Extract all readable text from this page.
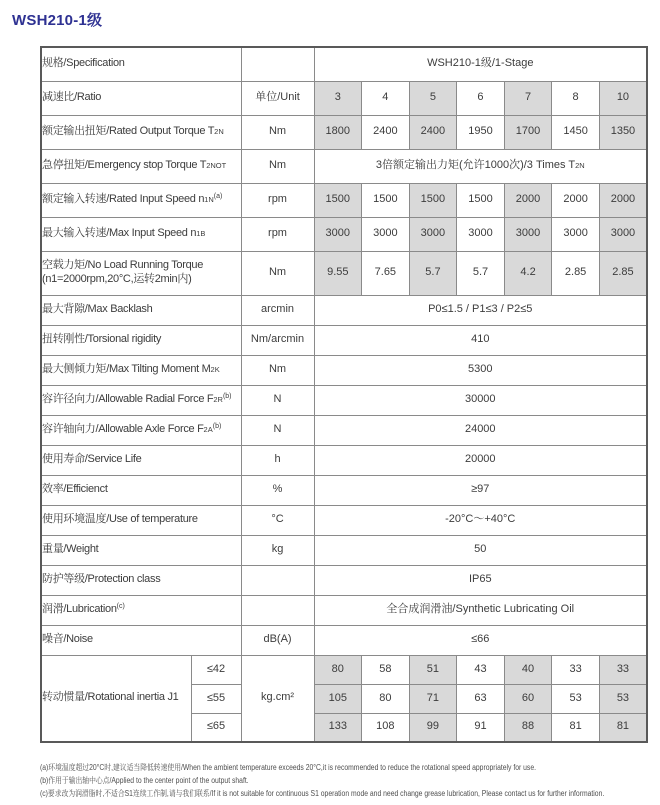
WSH210-1级
规格/Specification			WSH210-1级/1-Stage						
减速比/Ratio		单位/Unit	3	4	5	6	7	8	10
额定输出扭矩/Rated Output Torque T2N		Nm	1800	2400	2400	1950	1700	1450	1350
急停扭矩/Emergency stop Torque T2NOT		Nm	3倍额定输出力矩(允许1000次)/3 Times T2N						
额定输入转速/Rated Input Speed $n1N^{(a)}$		rpm	1500	1500	1500	1500	2000	2000	2000
最大输入转速/Max Input Speed n1B		rpm	3000	3000	3000	3000	3000	3000	3000
空载力矩/No Load Running Torque
(n1=2000rpm,20°C,运转2min内)		Nm	9.55	7.65	5.7	5.7	4.2	2.85	2.85
最大背隙/Max Backlash		arcmin	P0≤1.5 / P1≤3 / P2≤5						
扭转刚性/Torsional rigidity		Nm/arcmin	410						
最大侧倾力矩/Max Tilting Moment M2K		Nm	5300						
容许径向力/Allowable Radial Force $F2R^{(b)}$		N	30000						
容许轴向力/Allowable Axle Force $F2A^{(b)}$		N	24000						
使用寿命/Service Life		h	20000						
效率/Efficienct		%	≥97						
使用环境温度/Use of temperature		°C	-20°C～+40°C						
重量/Weight		kg	50						
防护等级/Protection class			IP65						
润滑/Lubrication$^{(c)}$			全合成润滑油/Synthetic Lubricating Oil						
噪音/Noise		dB(A)	≤66						
转动惯量/Rotational inertia J1	≤42	kg.cm²	80	58	51	43	40	33	33
	≤55		105	80	71	63	60	53	53
	≤65		133	108	99	91	88	81	81
(a)环境温度超过20°C时,建议适当降低转速使用/When the ambient temperature exceeds 20°C,it is recommended to reduce the rotational speed appropriately for use.
(b)作用于输出轴中心点/Applied to the center point of the output shaft.
(c)要求改为润滑脂时,不适合S1连续工作制,请与我们联系/If it is not suitable for continuous S1 operation mode and need change grease lubrication, Please contact us for further information.
